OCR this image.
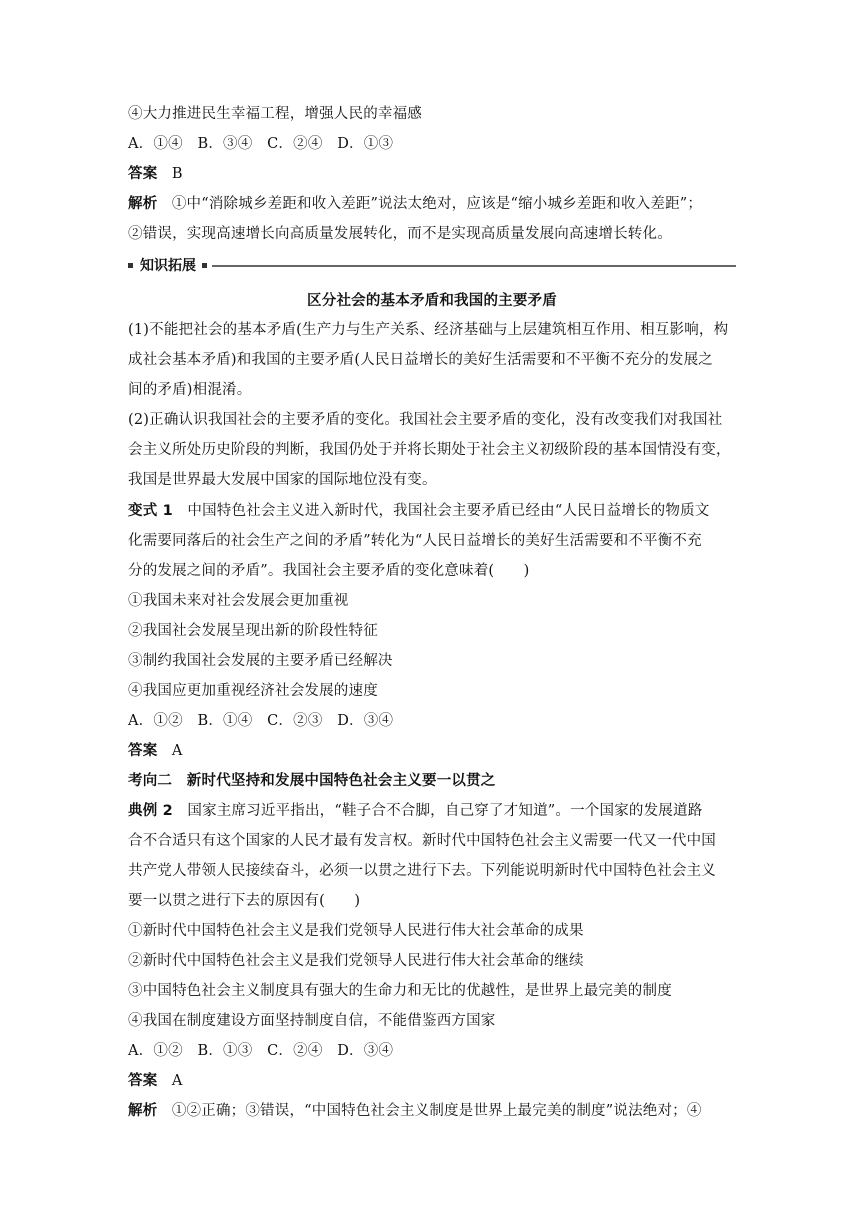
④大力推进民生幸福工程，增强人民的幸福感
A．①④　B．③④　C．②④　D．①③
答案 B
解析 ①中“消除城乡差距和收入差距”说法太绝对，应该是“缩小城乡差距和收入差距”；
②错误，实现高速增长向高质量发展转化，而不是实现高质量发展向高速增长转化。
知识拓展
区分社会的基本矛盾和我国的主要矛盾
(1)不能把社会的基本矛盾(生产力与生产关系、经济基础与上层建筑相互作用、相互影响，构
成社会基本矛盾)和我国的主要矛盾(人民日益增长的美好生活需要和不平衡不充分的发展之
间的矛盾)相混淆。
(2)正确认识我国社会的主要矛盾的变化。我国社会主要矛盾的变化，没有改变我们对我国社
会主义所处历史阶段的判断，我国仍处于并将长期处于社会主义初级阶段的基本国情没有变，
我国是世界最大发展中国家的国际地位没有变。
变式 1 中国特色社会主义进入新时代，我国社会主要矛盾已经由“人民日益增长的物质文
化需要同落后的社会生产之间的矛盾”转化为“人民日益增长的美好生活需要和不平衡不充
分的发展之间的矛盾”。我国社会主要矛盾的变化意味着(　　)
①我国未来对社会发展会更加重视
②我国社会发展呈现出新的阶段性特征
③制约我国社会发展的主要矛盾已经解决
④我国应更加重视经济社会发展的速度
A．①②　B．①④　C．②③　D．③④
答案 A
考向二　新时代坚持和发展中国特色社会主义要一以贯之
典例 2 国家主席习近平指出，“鞋子合不合脚，自己穿了才知道”。一个国家的发展道路
合不合适只有这个国家的人民才最有发言权。新时代中国特色社会主义需要一代又一代中国
共产党人带领人民接续奋斗，必须一以贯之进行下去。下列能说明新时代中国特色社会主义
要一以贯之进行下去的原因有(　　)
①新时代中国特色社会主义是我们党领导人民进行伟大社会革命的成果
②新时代中国特色社会主义是我们党领导人民进行伟大社会革命的继续
③中国特色社会主义制度具有强大的生命力和无比的优越性，是世界上最完美的制度
④我国在制度建设方面坚持制度自信，不能借鉴西方国家
A．①②　B．①③　C．②④　D．③④
答案 A
解析 ①②正确；③错误，“中国特色社会主义制度是世界上最完美的制度”说法绝对；④
